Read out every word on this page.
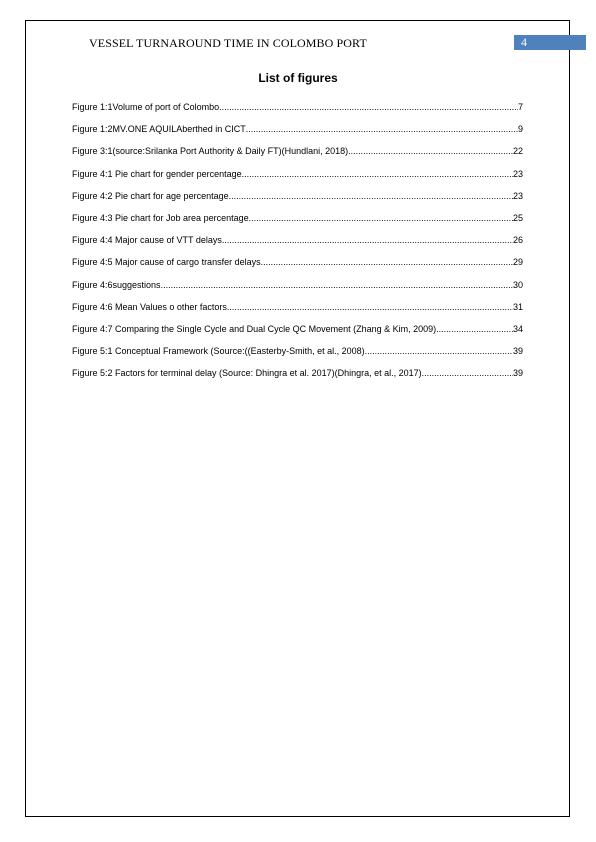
VESSEL TURNAROUND TIME IN COLOMBO PORT	4
List of figures
Figure 1:1Volume of port of Colombo .....	7
Figure 1:2MV.ONE AQUILAberthed in CICT .....	9
Figure 3:1(source:Srilanka Port Authority & Daily FT)(Hundlani, 2018) .....	22
Figure 4:1 Pie chart for gender percentage .....	23
Figure 4:2 Pie chart for age percentage .....	23
Figure 4:3 Pie chart for Job area percentage .....	25
Figure 4:4 Major cause of VTT delays .....	26
Figure 4:5 Major cause of cargo transfer delays .....	29
Figure 4:6suggestions .....	30
Figure 4:6 Mean Values o other factors .....	31
Figure 4:7 Comparing the Single Cycle and Dual Cycle QC Movement (Zhang & Kim, 2009) .....	34
Figure 5:1 Conceptual Framework (Source:((Easterby-Smith, et al., 2008) .....	39
Figure 5:2 Factors for terminal delay (Source: Dhingra et al. 2017)(Dhingra, et al., 2017) .....	39
